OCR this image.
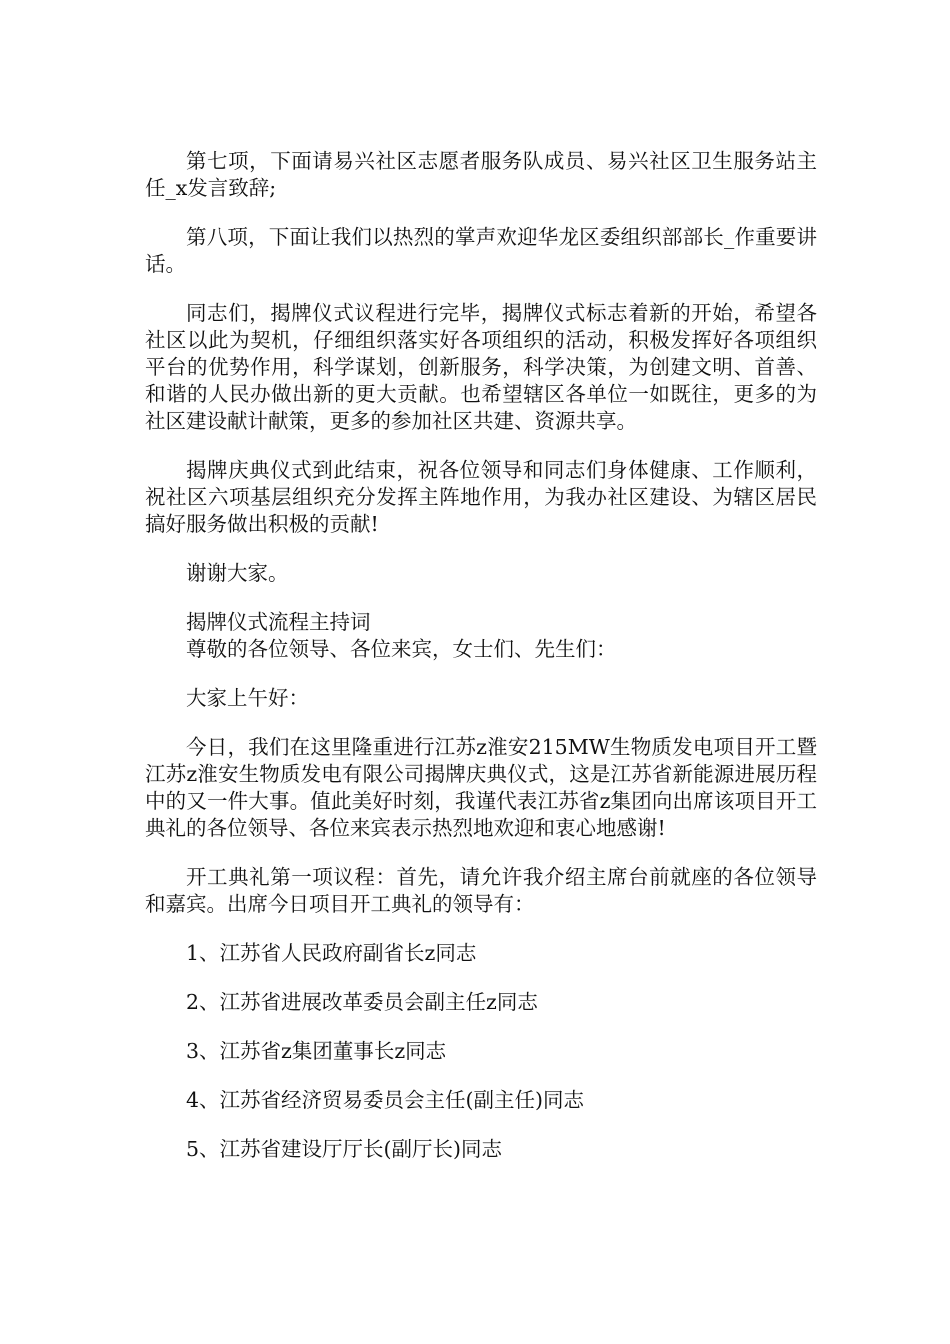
第七项，下面请易兴社区志愿者服务队成员、易兴社区卫生服务站主任_x发言致辞;

第八项，下面让我们以热烈的掌声欢迎华龙区委组织部部长_作重要讲话。

同志们，揭牌仪式议程进行完毕，揭牌仪式标志着新的开始，希望各社区以此为契机，仔细组织落实好各项组织的活动，积极发挥好各项组织平台的优势作用，科学谋划，创新服务，科学决策，为创建文明、首善、和谐的人民办做出新的更大贡献。也希望辖区各单位一如既往，更多的为社区建设献计献策，更多的参加社区共建、资源共享。

揭牌庆典仪式到此结束，祝各位领导和同志们身体健康、工作顺利，祝社区六项基层组织充分发挥主阵地作用，为我办社区建设、为辖区居民搞好服务做出积极的贡献!

谢谢大家。

揭牌仪式流程主持词

尊敬的各位领导、各位来宾，女士们、先生们：

大家上午好：

今日，我们在这里隆重进行江苏z淮安215MW生物质发电项目开工暨江苏z淮安生物质发电有限公司揭牌庆典仪式，这是江苏省新能源进展历程中的又一件大事。值此美好时刻，我谨代表江苏省z集团向出席该项目开工典礼的各位领导、各位来宾表示热烈地欢迎和衷心地感谢!

开工典礼第一项议程：首先，请允许我介绍主席台前就座的各位领导和嘉宾。出席今日项目开工典礼的领导有：

1、江苏省人民政府副省长z同志

2、江苏省进展改革委员会副主任z同志

3、江苏省z集团董事长z同志

4、江苏省经济贸易委员会主任(副主任)同志

5、江苏省建设厅厅长(副厅长)同志
